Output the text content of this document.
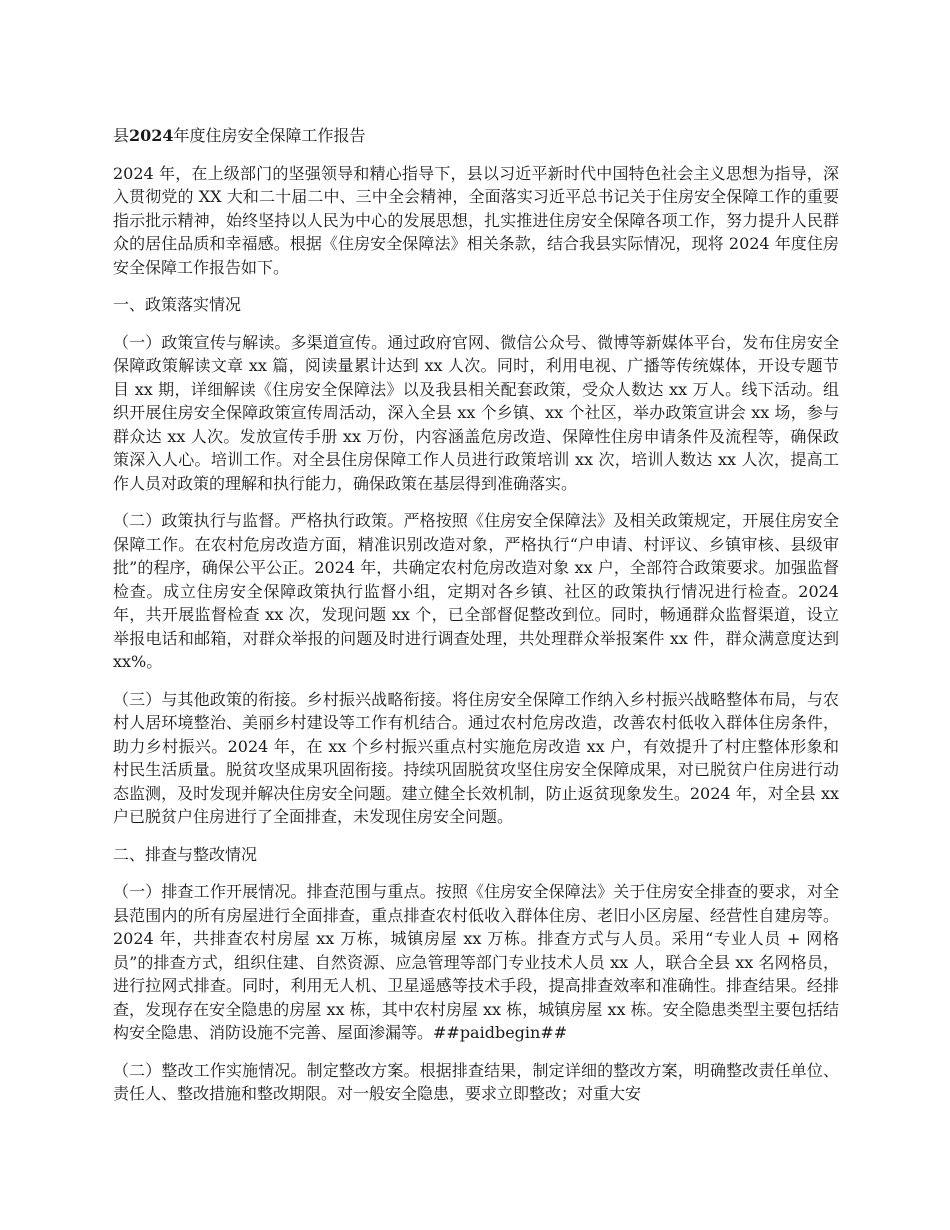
县2024年度住房安全保障工作报告

2024 年，在上级部门的坚强领导和精心指导下，县以习近平新时代中国特色社会主义思想为指导，深入贯彻党的 XX 大和二十届二中、三中全会精神，全面落实习近平总书记关于住房安全保障工作的重要指示批示精神，始终坚持以人民为中心的发展思想，扎实推进住房安全保障各项工作，努力提升人民群众的居住品质和幸福感。根据《住房安全保障法》相关条款，结合我县实际情况，现将 2024 年度住房安全保障工作报告如下。

一、政策落实情况

（一）政策宣传与解读。多渠道宣传。通过政府官网、微信公众号、微博等新媒体平台，发布住房安全保障政策解读文章 xx 篇，阅读量累计达到 xx 人次。同时，利用电视、广播等传统媒体，开设专题节目 xx 期，详细解读《住房安全保障法》以及我县相关配套政策，受众人数达 xx 万人。线下活动。组织开展住房安全保障政策宣传周活动，深入全县 xx 个乡镇、xx 个社区，举办政策宣讲会 xx 场，参与群众达 xx 人次。发放宣传手册 xx 万份，内容涵盖危房改造、保障性住房申请条件及流程等，确保政策深入人心。培训工作。对全县住房保障工作人员进行政策培训 xx 次，培训人数达 xx 人次，提高工作人员对政策的理解和执行能力，确保政策在基层得到准确落实。

（二）政策执行与监督。严格执行政策。严格按照《住房安全保障法》及相关政策规定，开展住房安全保障工作。在农村危房改造方面，精准识别改造对象，严格执行“户申请、村评议、乡镇审核、县级审批”的程序，确保公平公正。2024 年，共确定农村危房改造对象 xx 户，全部符合政策要求。加强监督检查。成立住房安全保障政策执行监督小组，定期对各乡镇、社区的政策执行情况进行检查。2024 年，共开展监督检查 xx 次，发现问题 xx 个，已全部督促整改到位。同时，畅通群众监督渠道，设立举报电话和邮箱，对群众举报的问题及时进行调查处理，共处理群众举报案件 xx 件，群众满意度达到 xx%。

（三）与其他政策的衔接。乡村振兴战略衔接。将住房安全保障工作纳入乡村振兴战略整体布局，与农村人居环境整治、美丽乡村建设等工作有机结合。通过农村危房改造，改善农村低收入群体住房条件，助力乡村振兴。2024 年，在 xx 个乡村振兴重点村实施危房改造 xx 户，有效提升了村庄整体形象和村民生活质量。脱贫攻坚成果巩固衔接。持续巩固脱贫攻坚住房安全保障成果，对已脱贫户住房进行动态监测，及时发现并解决住房安全问题。建立健全长效机制，防止返贫现象发生。2024 年，对全县 xx 户已脱贫户住房进行了全面排查，未发现住房安全问题。

二、排查与整改情况

（一）排查工作开展情况。排查范围与重点。按照《住房安全保障法》关于住房安全排查的要求，对全县范围内的所有房屋进行全面排查，重点排查农村低收入群体住房、老旧小区房屋、经营性自建房等。2024 年，共排查农村房屋 xx 万栋，城镇房屋 xx 万栋。排查方式与人员。采用“专业人员 + 网格员”的排查方式，组织住建、自然资源、应急管理等部门专业技术人员 xx 人，联合全县 xx 名网格员，进行拉网式排查。同时，利用无人机、卫星遥感等技术手段，提高排查效率和准确性。排查结果。经排查，发现存在安全隐患的房屋 xx 栋，其中农村房屋 xx 栋，城镇房屋 xx 栋。安全隐患类型主要包括结构安全隐患、消防设施不完善、屋面渗漏等。##paidbegin##

（二）整改工作实施情况。制定整改方案。根据排查结果，制定详细的整改方案，明确整改责任单位、责任人、整改措施和整改期限。对一般安全隐患，要求立即整改；对重大安
